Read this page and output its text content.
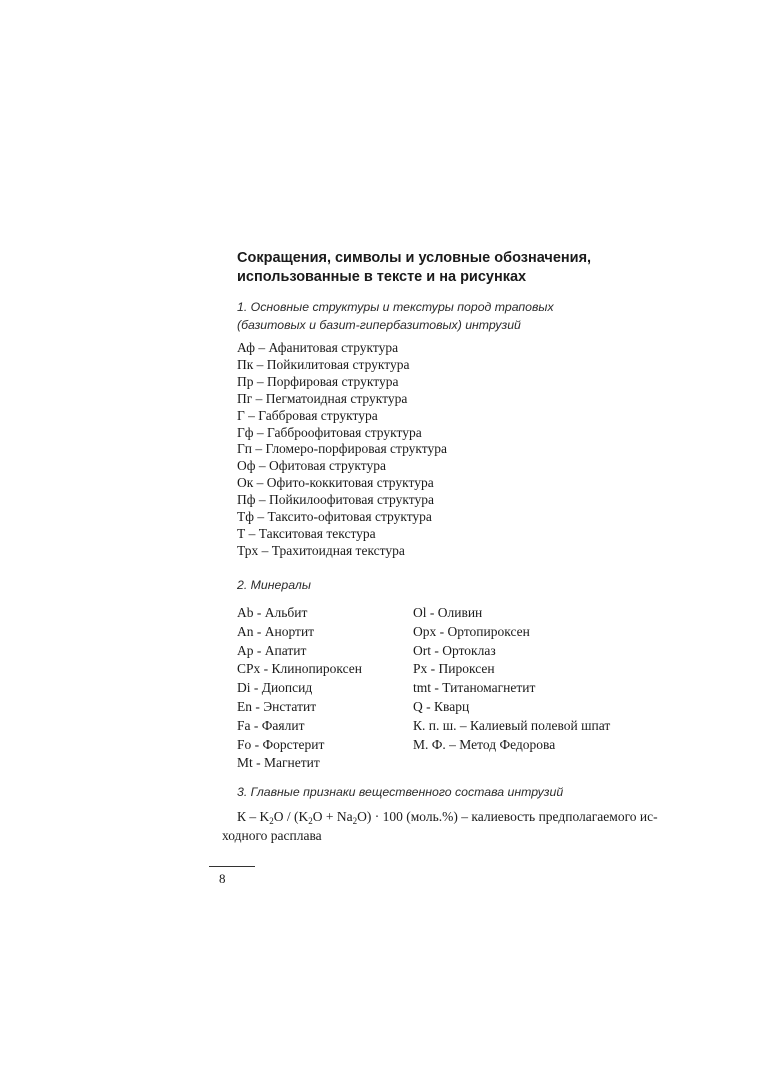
Сокращения, символы и условные обозначения,
использованные в тексте и на рисунках
1. Основные структуры и текстуры пород траповых
(базитовых и базит-гипербазитовых) интрузий
Аф – Афанитовая структура
Пк – Пойкилитовая структура
Пр – Порфировая структура
Пг – Пегматоидная структура
Г – Габбровая структура
Гф – Габброофитовая структура
Гп – Гломеро-порфировая структура
Оф – Офитовая структура
Ок – Офито-коккитовая структура
Пф – Пойкилоофитовая структура
Тф – Такситo-офитовая структура
Т – Такситовая текстура
Трх – Трахитоидная текстура
2. Минералы
Ab - Альбит
An - Анортит
Ap - Апатит
CPx - Клинопироксен
Di - Диопсид
En - Энстатит
Fa - Фаялит
Fo - Форстерит
Mt - Магнетит
Ol - Оливин
Opx - Ортопироксен
Ort - Ортоклаз
Px - Пироксен
tmt - Титаномагнетит
Q - Кварц
К. п. ш. – Калиевый полевой шпат
М. Ф. – Метод Федорова
3. Главные признаки вещественного состава интрузий
$К - K_2O / (K_2O + Na_2O) \cdot 100$ (моль.%) – калиевость предполагаемого ис-
ходного расплава
8
